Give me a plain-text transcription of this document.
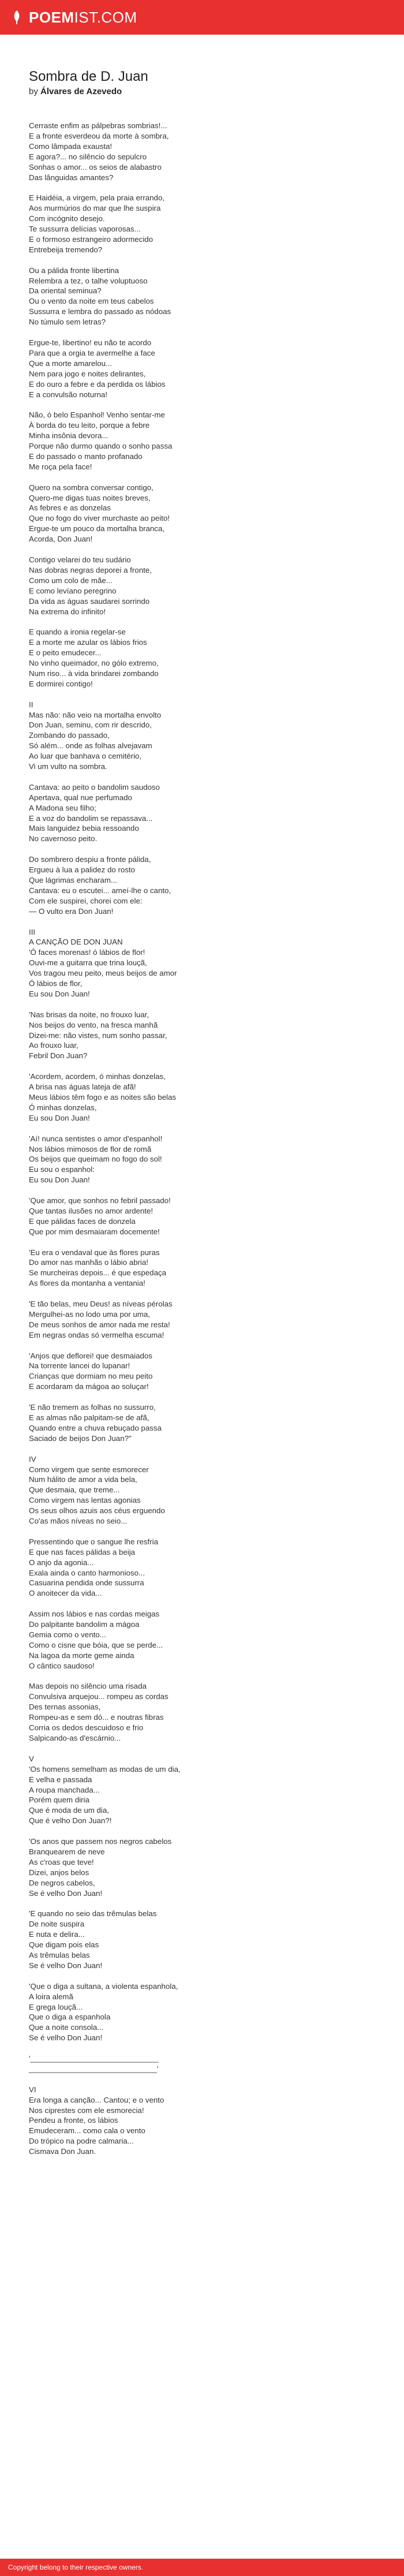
POEMIST.COM
Sombra de D. Juan
by Álvares de Azevedo
Cerraste enfim as pálpebras sombrias!...
E a fronte esverdeou da morte à sombra,
Como lâmpada exausta!
E agora?... no silêncio do sepulcro
Sonhas o amor... os seios de alabastro
Das lânguidas amantes?
E Haidéia, a virgem, pela praia errando,
Aos murmúrios do mar que lhe suspira
Com incógnito desejo.
Te sussurra delícias vaporosas...
E o formoso estrangeiro adormecido
Entrebeija tremendo?
Ou a pálida fronte libertina
Relembra a tez, o talhe voluptuoso
Da oriental seminua?
Ou o vento da noite em teus cabelos
Sussurra e lembra do passado as nódoas
No túmulo sem letras?
Ergue-te, libertino! eu não te acordo
Para que a orgia te avermelhe a face
Que a morte amarelou...
Nem para jogo e noites delirantes,
E do ouro a febre e da perdida os lábios
E a convulsão noturna!
Não, ó belo Espanhol! Venho sentar-me
À borda do teu leito, porque a febre
Minha insônia devora...
Porque não durmo quando o sonho passa
E do passado o manto profanado
Me roça pela face!
Quero na sombra conversar contigo,
Quero-me digas tuas noites breves,
As febres e as donzelas
Que no fogo do viver murchaste ao peito!
Ergue-te um pouco da mortalha branca,
Acorda, Don Juan!
Contigo velarei do teu sudário
Nas dobras negras deporei a fronte,
Como um colo de mãe...
E como levíano peregrino
Da vida as águas saudarei sorrindo
Na extrema do infinito!
E quando a ironia regelar-se
E a morte me azular os lábios frios
E o peito emudecer...
No vinho queimador, no gólo extremo,
Num riso... à vida brindarei zombando
E dormirei contigo!
II
Mas não: não veio na mortalha envolto
Don Juan, seminu, com rir descrido,
Zombando do passado,
Só além... onde as folhas alvejavam
Ao luar que banhava o cemitério,
Vi um vulto na sombra.
Cantava: ao peito o bandolim saudoso
Apertava, qual nue perfumado
A Madona seu filho;
E a voz do bandolim se repassava...
Mais languidez bebia ressoando
No cavernoso peito.
Do sombrero despiu a fronte pálida,
Ergueu à lua a palidez do rosto
Que lágrimas encharam...
Cantava: eu o escutei... ameí-lhe o canto,
Com ele suspirei, chorei com ele:
— O vulto era Don Juan!
III
A CANÇÃO DE DON JUAN
'Ó faces morenas! ó lábios de flor!
Ouvi-me a guitarra que trina louçã,
Vos tragou meu peito, meus beijos de amor
Ó lábios de flor,
Eu sou Don Juan!
'Nas brisas da noite, no frouxo luar,
Nos beijos do vento, na fresca manhã
Dizei-me: não vistes, num sonho passar,
Ao frouxo luar,
Febril Don Juan?
'Acordem, acordem, ó minhas donzelas,
A brisa nas águas lateja de afã!
Meus lábios têm fogo e as noites são belas
Ó minhas donzelas,
Eu sou Don Juan!
'Aí! nunca sentistes o amor d'espanhol!
Nos lábios mimosos de flor de romã
Os beijos que queimam no fogo do sol!
Eu sou o espanhol:
Eu sou Don Juan!
'Que amor, que sonhos no febril passado!
Que tantas ilusões no amor ardente!
E que pálidas faces de donzela
Que por mim desmaiaram docemente!
'Eu era o vendaval que às flores puras
Do amor nas manhãs o lábio abria!
Se murcheiras depois... é que espedaça
As flores da montanha a ventania!
'E tão belas, meu Deus! as níveas pérolas
Mergulhei-as no lodo uma por uma,
De meus sonhos de amor nada me resta!
Em negras ondas só vermelha escuma!
'Anjos que deflorei! que desmaiados
Na torrente lancei do lupanar!
Crianças que dormiam no meu peito
E acordaram da mágoa ao soluçar!
'E não tremem as folhas no sussurro,
E as almas não palpitam-se de afã,
Quando entre a chuva rebuçado passa
Saciado de beijos Don Juan?"
IV
Como virgem que sente esmorecer
Num hálito de amor a vida bela,
Que desmaia, que treme...
Como virgem nas lentas agonias
Os seus olhos azuis aos céus erguendo
Co'as mãos níveas no seio...
Pressentindo que o sangue lhe resfria
E que nas faces pálidas a beija
O anjo da agonia...
Exala ainda o canto harmonioso...
Casuarina pendida onde sussurra
O anoitecer da vida...
Assim nos lábios e nas cordas meigas
Do palpitante bandolim a mágoa
Gemia como o vento...
Como o cisne que bóia, que se perde...
Na lagoa da morte geme ainda
O cântico saudoso!
Mas depois no silêncio uma risada
Convulsiva arquejou... rompeu as cordas
Des ternas assonias,
Rompeu-as e sem dó... e noutras fibras
Corria os dedos descuidoso e frio
Salpicando-as d'escárnio...
V
'Os homens semelham as modas de um dia,
E velha e passada
A roupa manchada...
Porém quem diria
Que é moda de um dia,
Que é velho Don Juan?!
'Os anos que passem nos negros cabelos
Branquearem de neve
As c'roas que teve!
Dizei, anjos belos
De negros cabelos,
Se é velho Don Juan!
'E quando no seio das trêmulas belas
De noite suspira
E nuta e delira...
Que digam pois elas
As trêmulas belas
Se é velho Don Juan!
'Que o diga a sultana, a violenta espanhola,
A loira alemã
E grega louçã...
Que o diga a espanhola
Que a noite consola...
Se é velho Don Juan!
'______________________________
______________________________'
VI
Era longa a canção... Cantou; e o vento
Nos ciprestes com ele esmorecia!
Pendeu a fronte, os lábios
Emudeceram... como cala o vento
Do trópico na podre calmaria...
Cismava Don Juan.
Copyright belong to their respective owners.
